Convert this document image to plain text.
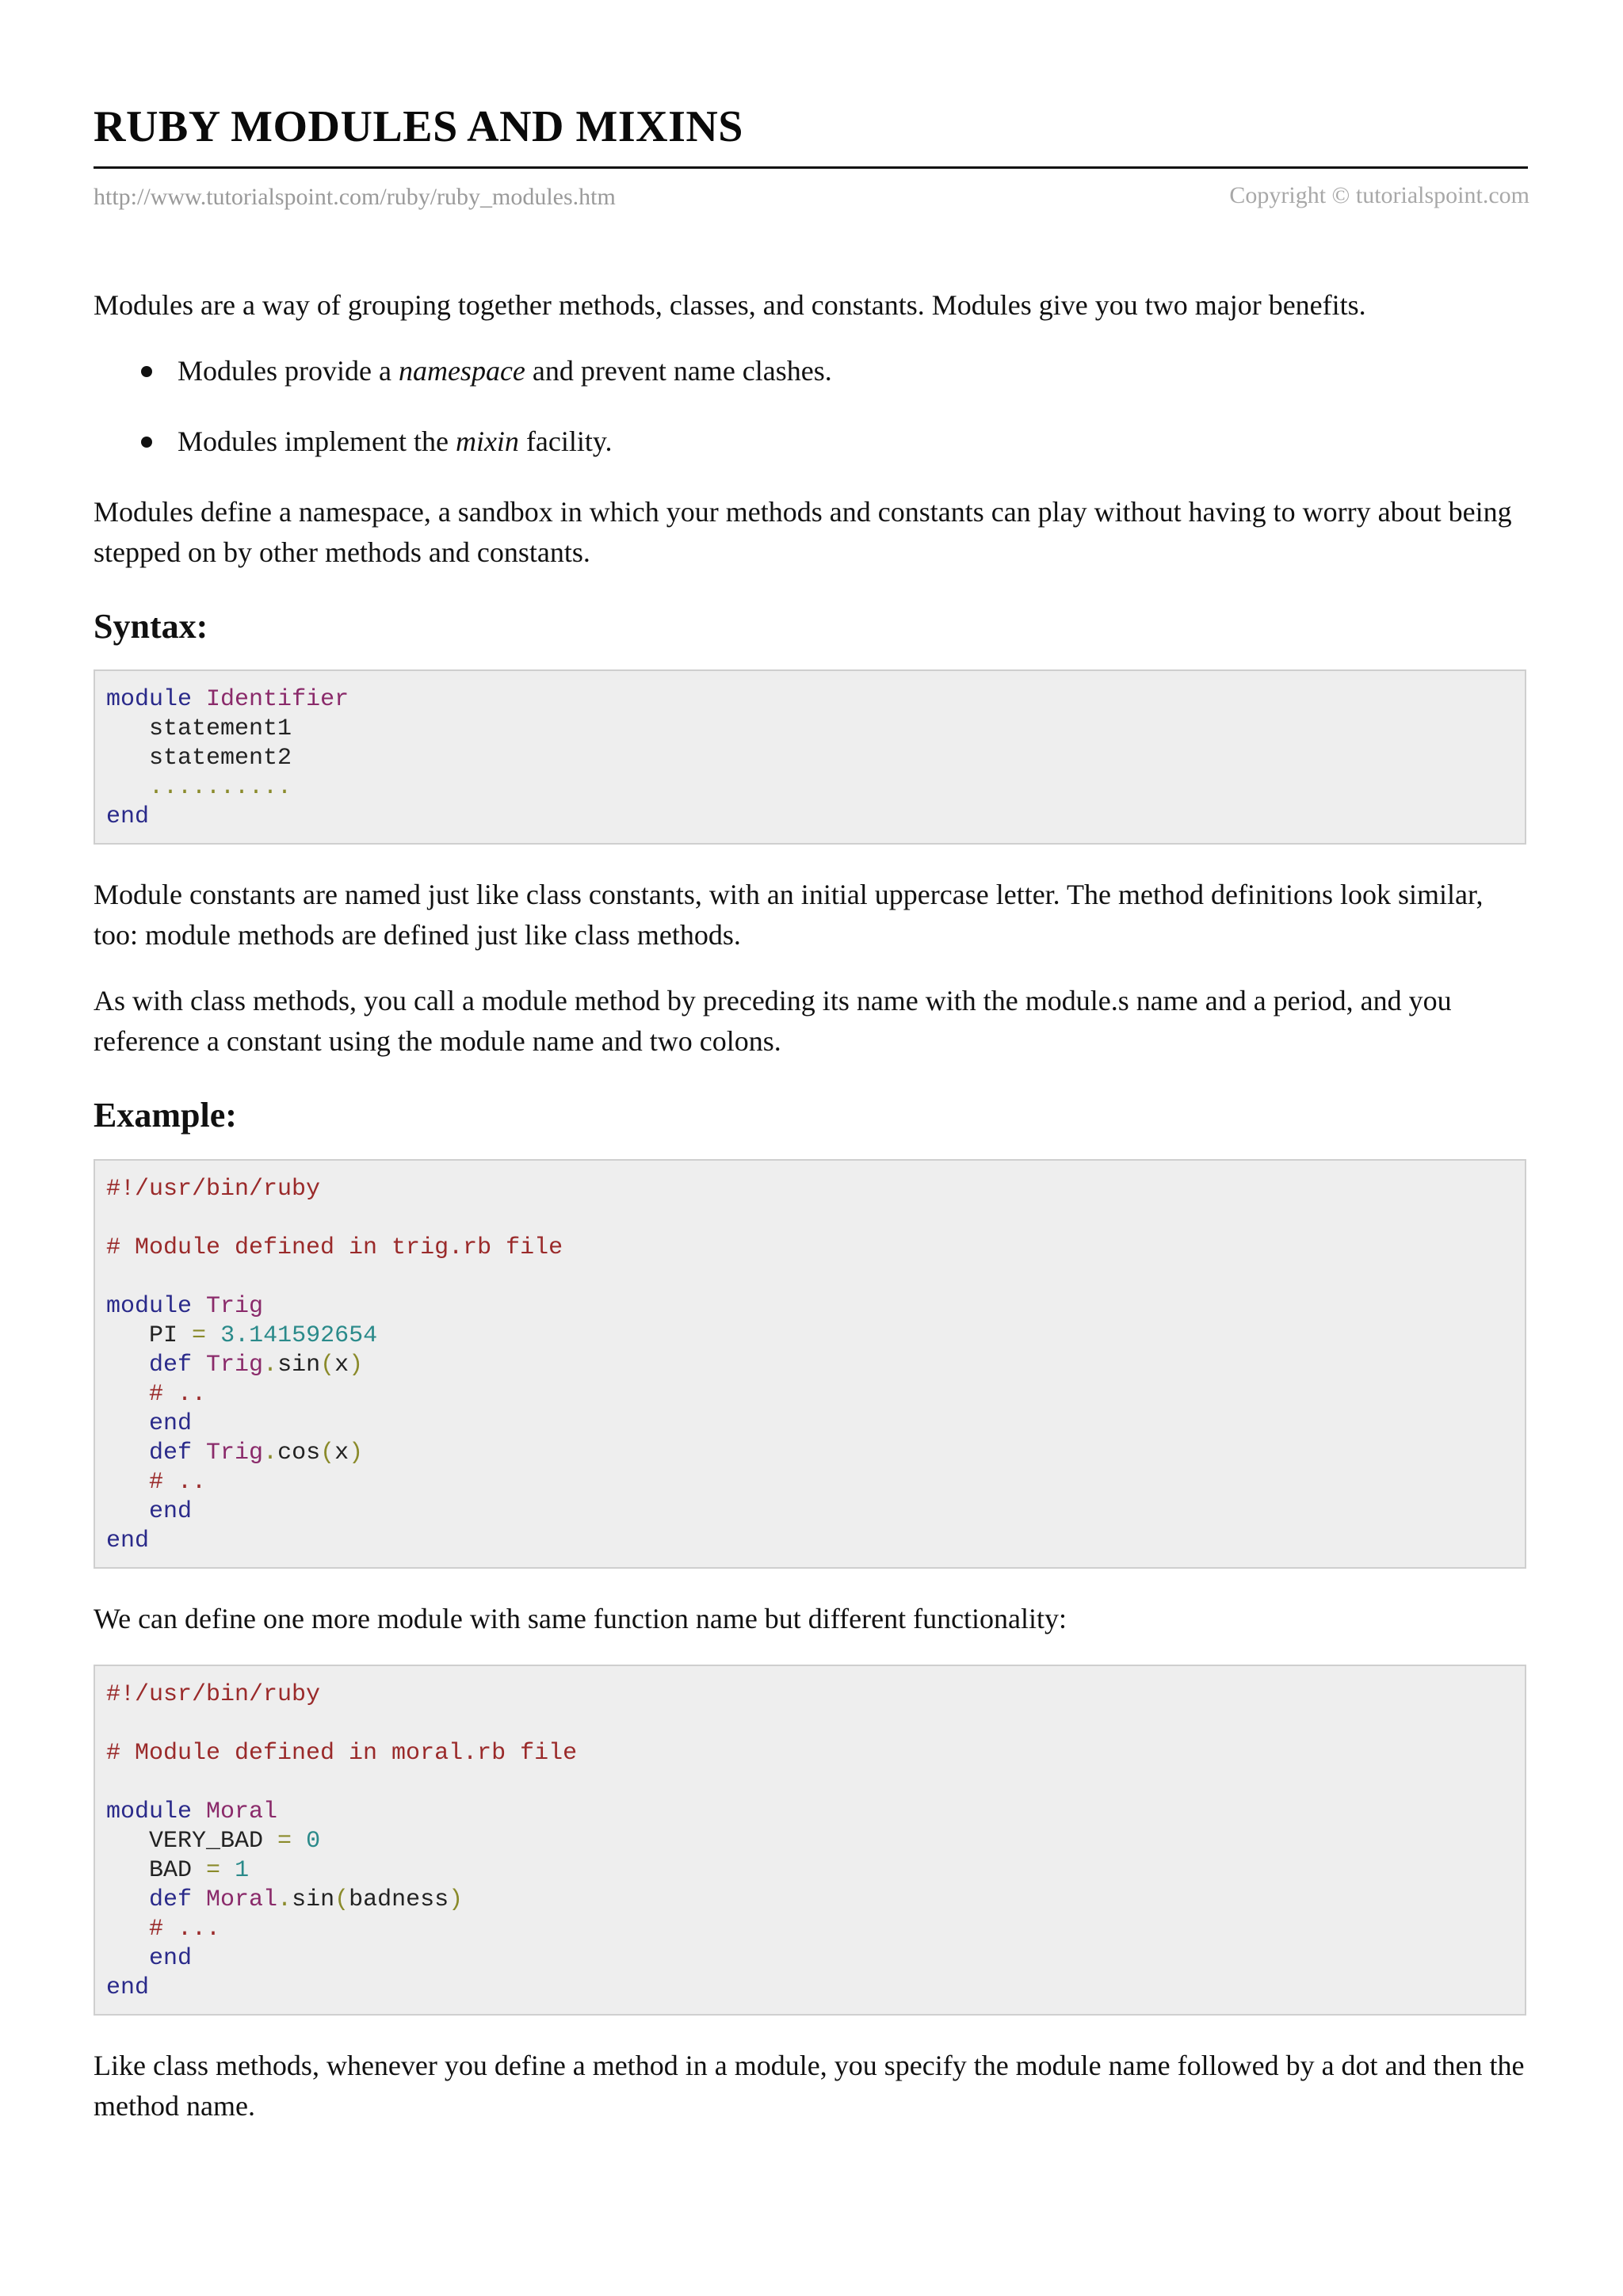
RUBY MODULES AND MIXINS
http://www.tutorialspoint.com/ruby/ruby_modules.htm	Copyright © tutorialspoint.com

Modules are a way of grouping together methods, classes, and constants. Modules give you two major benefits.

Modules provide a namespace and prevent name clashes.
Modules implement the mixin facility.

Modules define a namespace, a sandbox in which your methods and constants can play without having to worry about being stepped on by other methods and constants.

Syntax:
module Identifier
statement1
statement2
..........
end

Module constants are named just like class constants, with an initial uppercase letter. The method definitions look similar, too: module methods are defined just like class methods.

As with class methods, you call a module method by preceding its name with the module.s name and a period, and you reference a constant using the module name and two colons.

Example:
#!/usr/bin/ruby
# Module defined in trig.rb file
module Trig
PI = 3.141592654
def Trig.sin(x)
# ..
end
def Trig.cos(x)
# ..
end
end

We can define one more module with same function name but different functionality:

#!/usr/bin/ruby
# Module defined in moral.rb file
module Moral
VERY_BAD = 0
BAD = 1
def Moral.sin(badness)
# ...
end
end

Like class methods, whenever you define a method in a module, you specify the module name followed by a dot and then the method name.
